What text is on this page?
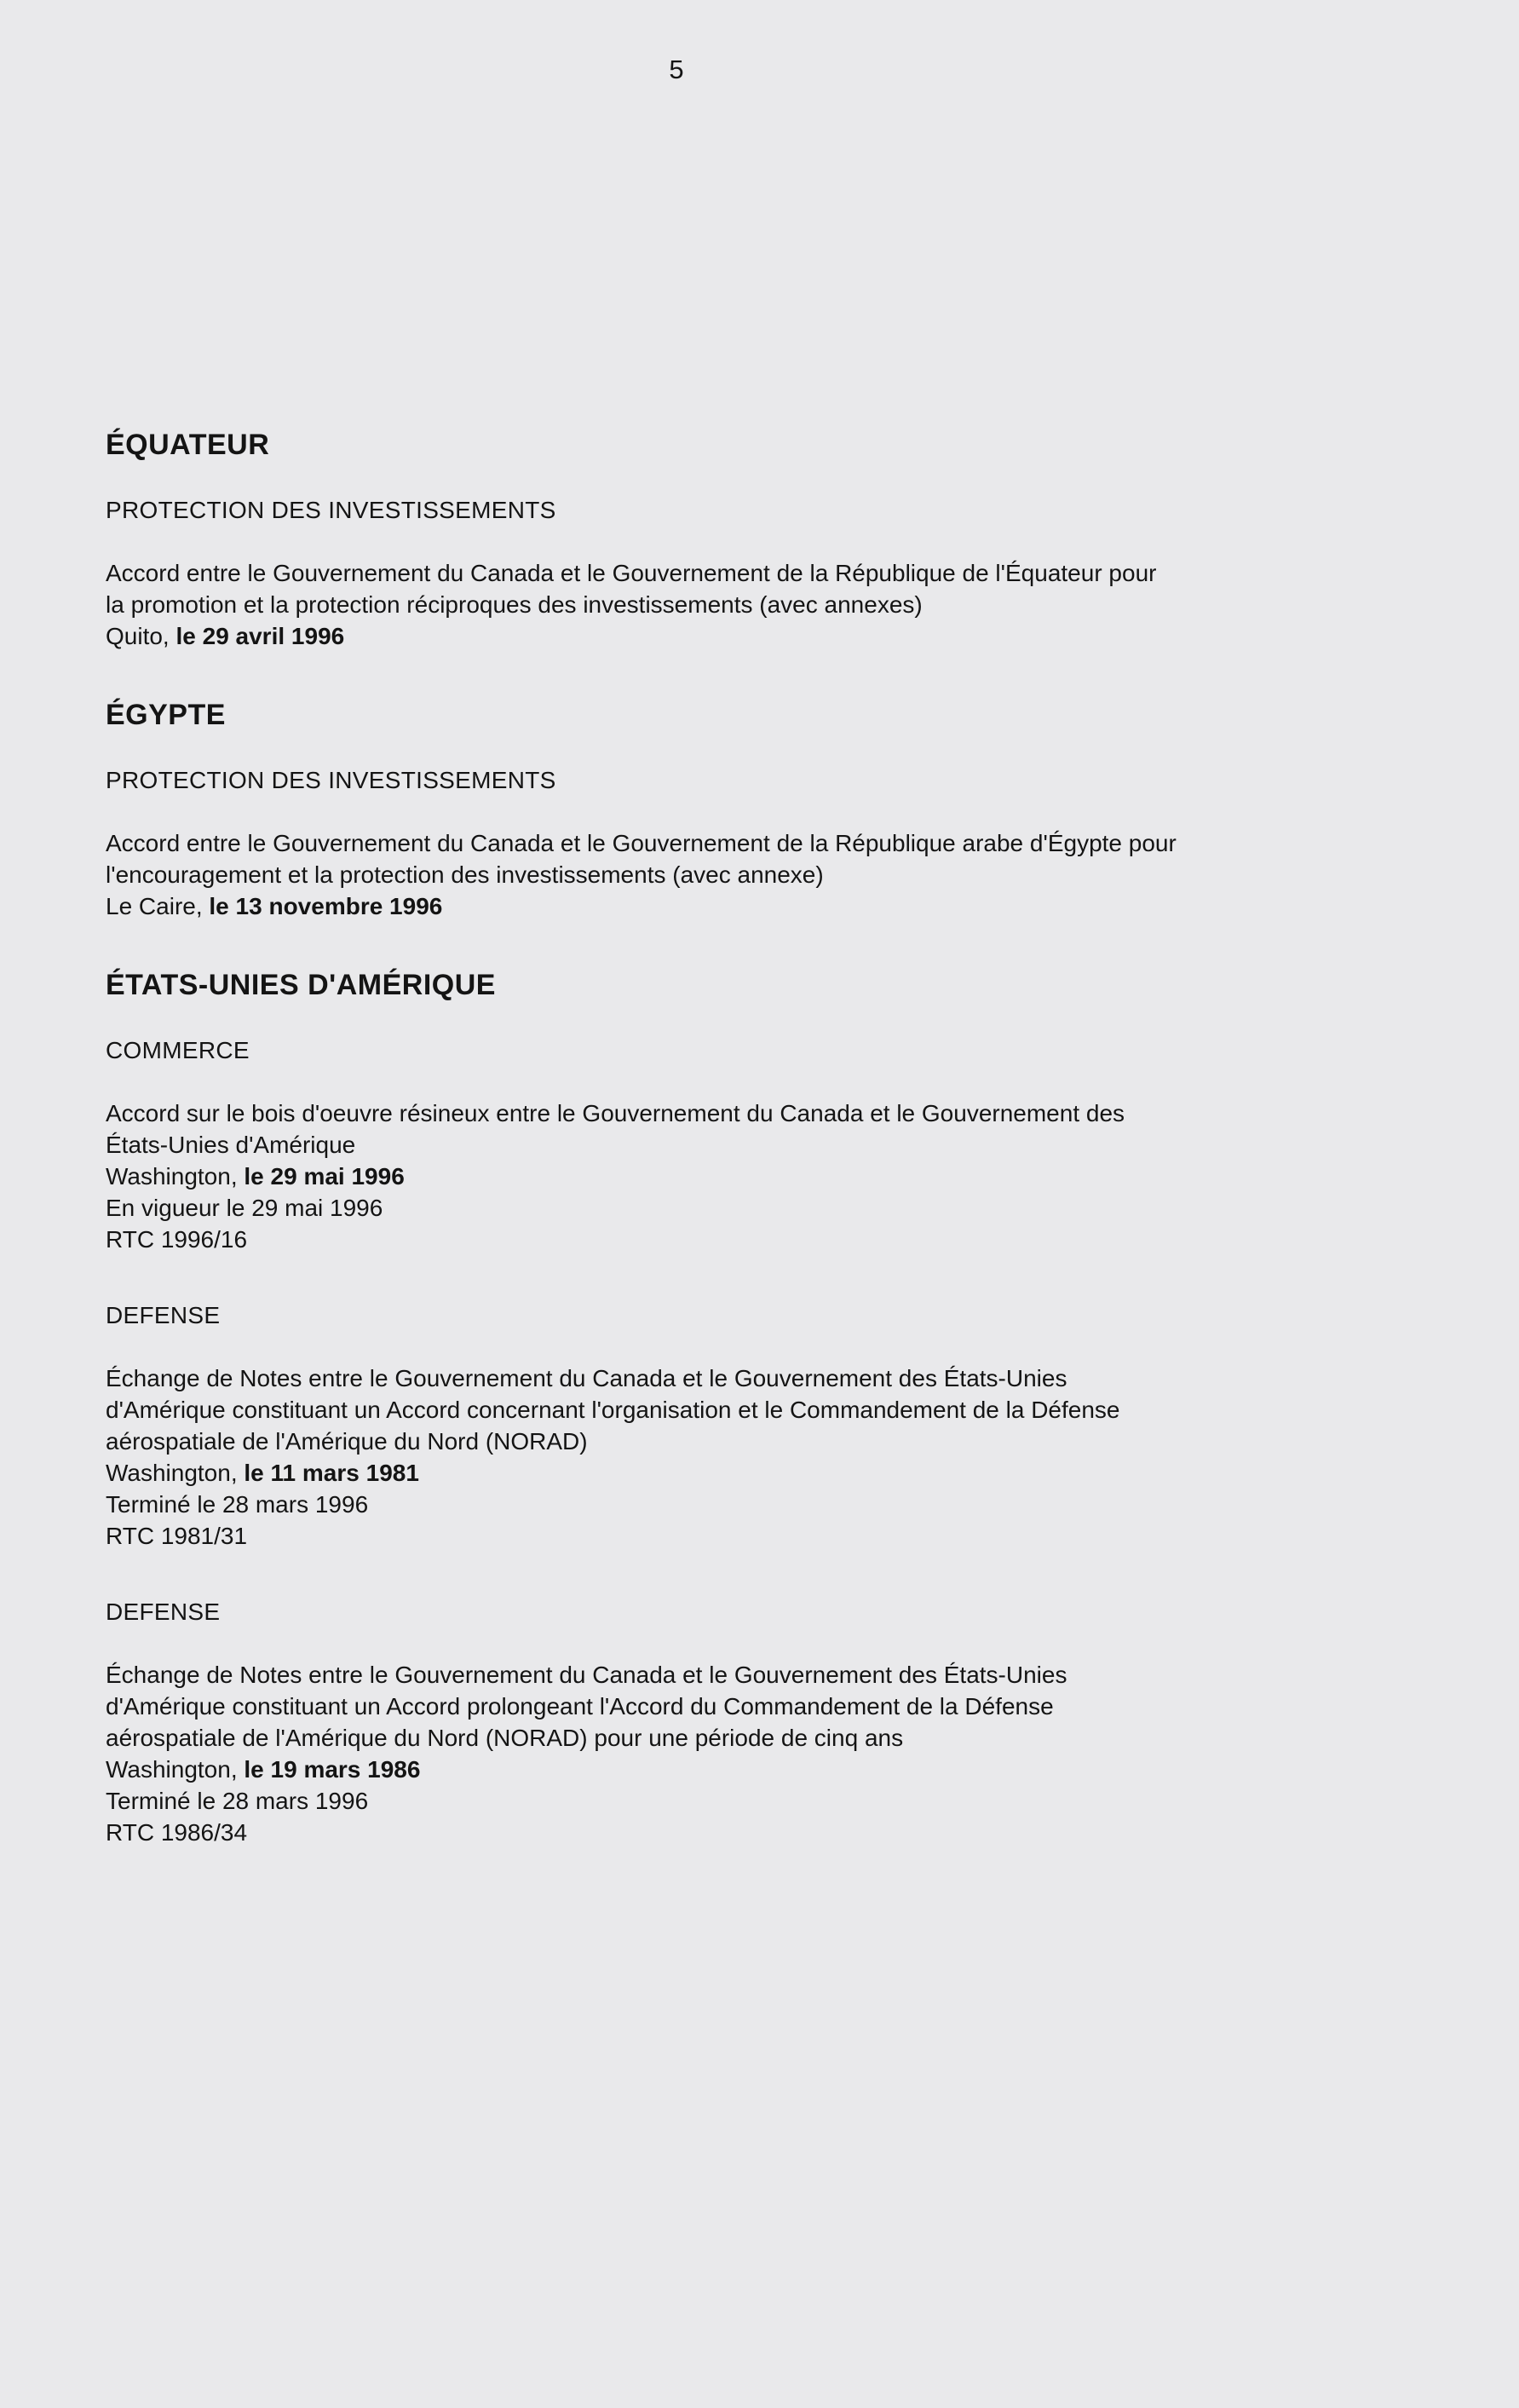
5
ÉQUATEUR
PROTECTION DES INVESTISSEMENTS
Accord entre le Gouvernement du Canada et le Gouvernement de la République de l'Équateur pour
la promotion et la protection réciproques des investissements (avec annexes)
Quito, le 29 avril 1996
ÉGYPTE
PROTECTION DES INVESTISSEMENTS
Accord entre le Gouvernement du Canada et le Gouvernement de la République arabe d'Égypte pour
l'encouragement et la protection des investissements (avec annexe)
Le Caire, le 13 novembre 1996
ÉTATS-UNIES D'AMÉRIQUE
COMMERCE
Accord sur le bois d'oeuvre résineux entre le Gouvernement du Canada et le Gouvernement des
États-Unies d'Amérique
Washington, le 29 mai 1996
En vigueur le 29 mai 1996
RTC 1996/16
DEFENSE
Échange de Notes entre le Gouvernement du Canada et le Gouvernement des États-Unies
d'Amérique constituant un Accord concernant l'organisation et le Commandement de la Défense
aérospatiale de l'Amérique du Nord (NORAD)
Washington, le 11 mars 1981
Terminé le 28 mars 1996
RTC 1981/31
DEFENSE
Échange de Notes entre le Gouvernement du Canada et le Gouvernement des États-Unies
d'Amérique constituant un Accord prolongeant l'Accord du Commandement de la Défense
aérospatiale de l'Amérique du Nord (NORAD) pour une période de cinq ans
Washington, le 19 mars 1986
Terminé le 28 mars 1996
RTC 1986/34
